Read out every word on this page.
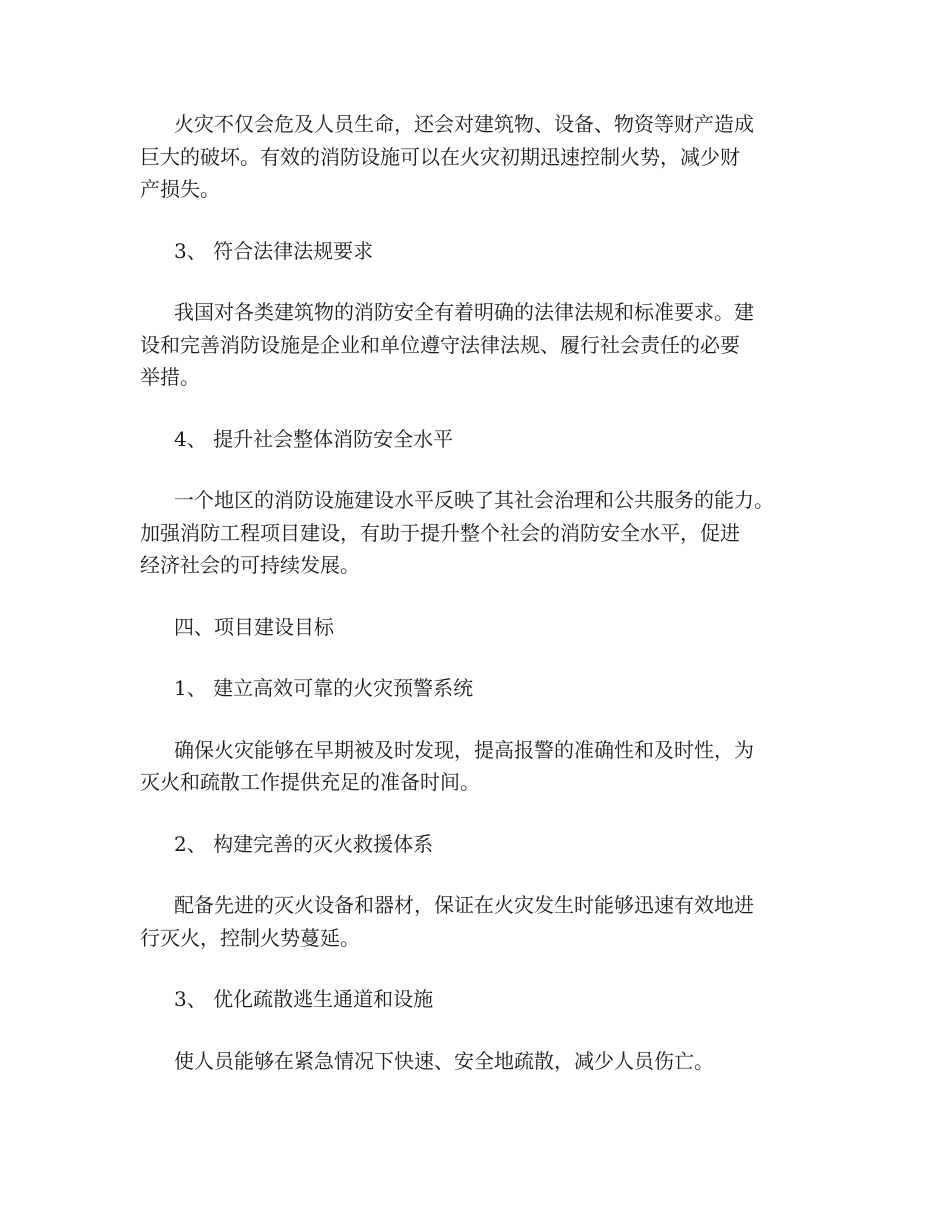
火灾不仅会危及人员生命，还会对建筑物、设备、物资等财产造成
巨大的破坏。有效的消防设施可以在火灾初期迅速控制火势，减少财
产损失。

3、 符合法律法规要求

我国对各类建筑物的消防安全有着明确的法律法规和标准要求。建
设和完善消防设施是企业和单位遵守法律法规、履行社会责任的必要
举措。

4、 提升社会整体消防安全水平

一个地区的消防设施建设水平反映了其社会治理和公共服务的能力。
加强消防工程项目建设，有助于提升整个社会的消防安全水平，促进
经济社会的可持续发展。

四、项目建设目标

1、 建立高效可靠的火灾预警系统

确保火灾能够在早期被及时发现，提高报警的准确性和及时性，为
灭火和疏散工作提供充足的准备时间。

2、 构建完善的灭火救援体系

配备先进的灭火设备和器材，保证在火灾发生时能够迅速有效地进
行灭火，控制火势蔓延。

3、 优化疏散逃生通道和设施

使人员能够在紧急情况下快速、安全地疏散，减少人员伤亡。
